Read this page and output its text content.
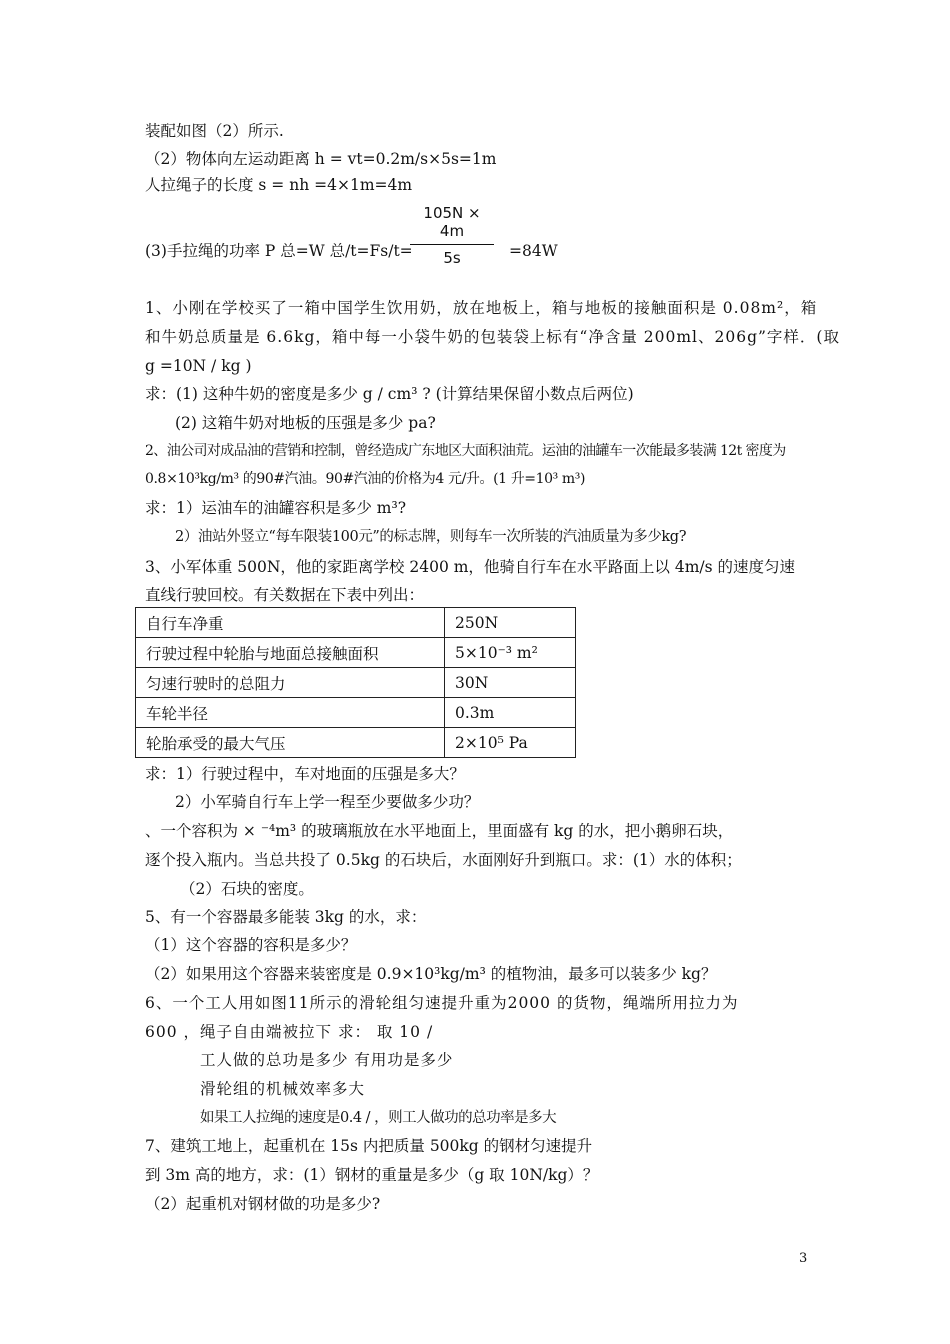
装配如图（2）所示.
（2）物体向左运动距离 h = vt=0.2m/s×5s=1m
人拉绳子的长度 s = nh =4×1m=4m
$\frac{105N \times 4m}{5s}$
(3)手拉绳的功率 P 总=W 总/t=Fs/t=	=84W
1、小刚在学校买了一箱中国学生饮用奶，放在地板上，箱与地板的接触面积是 0.08m²，箱
和牛奶总质量是 6.6kg，箱中每一小袋牛奶的包装袋上标有“净含量 200ml、206g”字样．(取
g =10N / kg )
求：(1) 这种牛奶的密度是多少 g / cm³ ? (计算结果保留小数点后两位)
(2) 这箱牛奶对地板的压强是多少 pa?
2、油公司对成品油的营销和控制，曾经造成广东地区大面积油荒。运油的油罐车一次能最多装满 12t 密度为
0.8×10³kg/m³ 的90#汽油。90#汽油的价格为4 元/升。(1 升=10³ m³)
求：1）运油车的油罐容积是多少 m³?
2）油站外竖立“每车限装100元”的标志牌，则每车一次所装的汽油质量为多少kg?
3、小军体重 500N，他的家距离学校 2400 m，他骑自行车在水平路面上以 4m/s 的速度匀速
直线行驶回校。有关数据在下表中列出：
自行车净重	250N
行驶过程中轮胎与地面总接触面积	5×10⁻³ m²
匀速行驶时的总阻力	30N
车轮半径	0.3m
轮胎承受的最大气压	2×10⁵ Pa
求：1）行驶过程中，车对地面的压强是多大？
2）小军骑自行车上学一程至少要做多少功？
、一个容积为 × ⁻⁴m³ 的玻璃瓶放在水平地面上，里面盛有 kg 的水，把小鹅卵石块，
逐个投入瓶内。当总共投了 0.5kg 的石块后，水面刚好升到瓶口。求：(1）水的体积；
（2）石块的密度。
5、有一个容器最多能装 3kg 的水，求：
（1）这个容器的容积是多少？
（2）如果用这个容器来装密度是 0.9×10³kg/m³ 的植物油，最多可以装多少 kg？
6、一个工人用如图11所示的滑轮组匀速提升重为2000 的货物，绳端所用拉力为
600 ，绳子自由端被拉下 求： 取 10 /
工人做的总功是多少 有用功是多少
滑轮组的机械效率多大
如果工人拉绳的速度是0.4 / ，则工人做功的总功率是多大
7、建筑工地上，起重机在 15s 内把质量 500kg 的钢材匀速提升
到 3m 高的地方，求：(1）钢材的重量是多少（g 取 10N/kg）？
（2）起重机对钢材做的功是多少?
3
